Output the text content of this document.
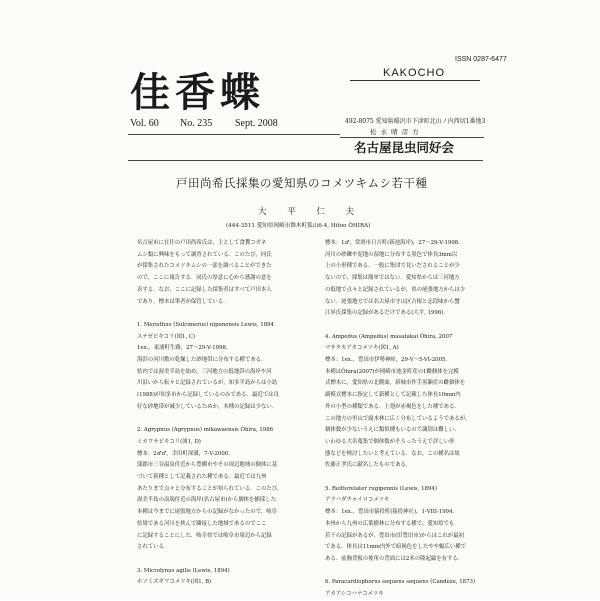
ISSN 0287-6477
佳香蝶	KAKOCHO
Vol. 60 No. 235 Sept. 2008	492-8075 愛知県稲沢市下津町北山ノ内西切1番地3
松 永 晴 彦 方
名古屋昆虫同好会
戸田尚希氏採集の愛知県のコメツキムシ若干種
大 平 仁 夫
(444-3511 愛知県岡崎市舞木町狐山6-4, Hitoo ÔHIRA)

名古屋市に在住の戸田尚希氏は，主として食糞コガネ

ムシ類に興味をもって調査されている．このたび，同氏

が採集されたコメツキムシの一部を調べることができた

ので，ここに報告する．同氏の厚意に心から感謝の意を

表する．なお，ここに記録した採集者はすべて戸田本人

であり，標本は筆者が保管している．

1. Meristhus (Sulcimerus) niponensis Lewis, 1894

ステゼビキコリ(図1, C)

1ex.，東浦町生路，27～29-V-1998.

海浜の河川敷の乾燥した砂地帯に分布する種である．

県内では渥美半島を始め，三河地方の低地帯の海岸や河

川沿いから転々と記録されているが，知多半島からは小島

(1988)が知多市から記録しているのみである．最近では良

好な砂地帯が減少しているためか，本種の記録は少ない．

2. Agrypnus (Agrypnus) mikawaensis Ôhira, 1986

ミカワサビキコリ(図1, D)

標本：2♂♂，幸田町深溝，7-V-2000.

蒲郡市三谷温泉付近から豊橋市やその周辺地域の個体に基

づいて新種として記載された種である．最近では九州

あたりまで点々と分布することが知られている．このたび，

渥美半島の南端付近の海岸(名古屋市)から個体を捕採した．

本種は今までに尾張地方からの記録がなかったので，岐阜

県境である河川を挟んで隣接した地域であるのでここ

に記録することにした．岐阜県では岐阜市周辺から記録

されている．

3. Microlynus agilis (Lewis, 1894)

ホソミズギワコメツキ(図1, B)

標本：1♂，常滑市日吉町(新池海岸)，27～29-V-1998.

河川の砂礫や泥地の湿地に分布する黒色で体長3mm以

上の小形種である．一般に集団で見いだされることが少

ないので，採集は簡単ではない．愛知県からは三河地方

の低地で点々と記録されているが，県の尾張地方からは少

ない．尾張地方では名古屋市守山区吉根と志段味から蟹

江昇氏採集の記録があるだけである(大平, 1996)．

4. Ampedus (Ampedus) masatakai Ôhira, 2007

マサタカアカコメツキ(図1, A)

標本：1ex.，豊田市伊勢神峠，29-V～5-VI-2005.

本種はÔhira(2007)が岡崎市池金町産の1雌個体を完模

式標本に，愛知県の北側面，新城市作手黒瀬産の雌個体を

副模式標本に指定して新種として記載した体長10mm内

外の小型の種類である．上翅が赤褐色をした種である．

この地方の里山で腐木林に広く分布しているようであるが，

個体数が少ないうえに類似種もいるので識別は難しい．

いわゆる大名蒐集で個体数がそろったうえで詳しい形

態などを検討したいと考えている．なお，この種名は故

佐藤正孝氏に献名したものである．

5. Reitterelater rugipennis (Lewis, 1894)

アラハダチャイロコメツキ

標本：1ex.，豊田市猿投町(猿投神社)，1-VIII-1994.

本州から九州の広葉樹林に分布する種で，愛知県でも

若干の記録があるが，豊田市(旧豊田市)からはこれが最初

である．体長は11mm内外で暗褐色をしたやや幅広い種で

ある．前胸背板の後角の背面には2本の隆起線を有する．

6. Paracardiophorus sequens sequens (Candèze, 1873)

アカアシコハナコメツキ
